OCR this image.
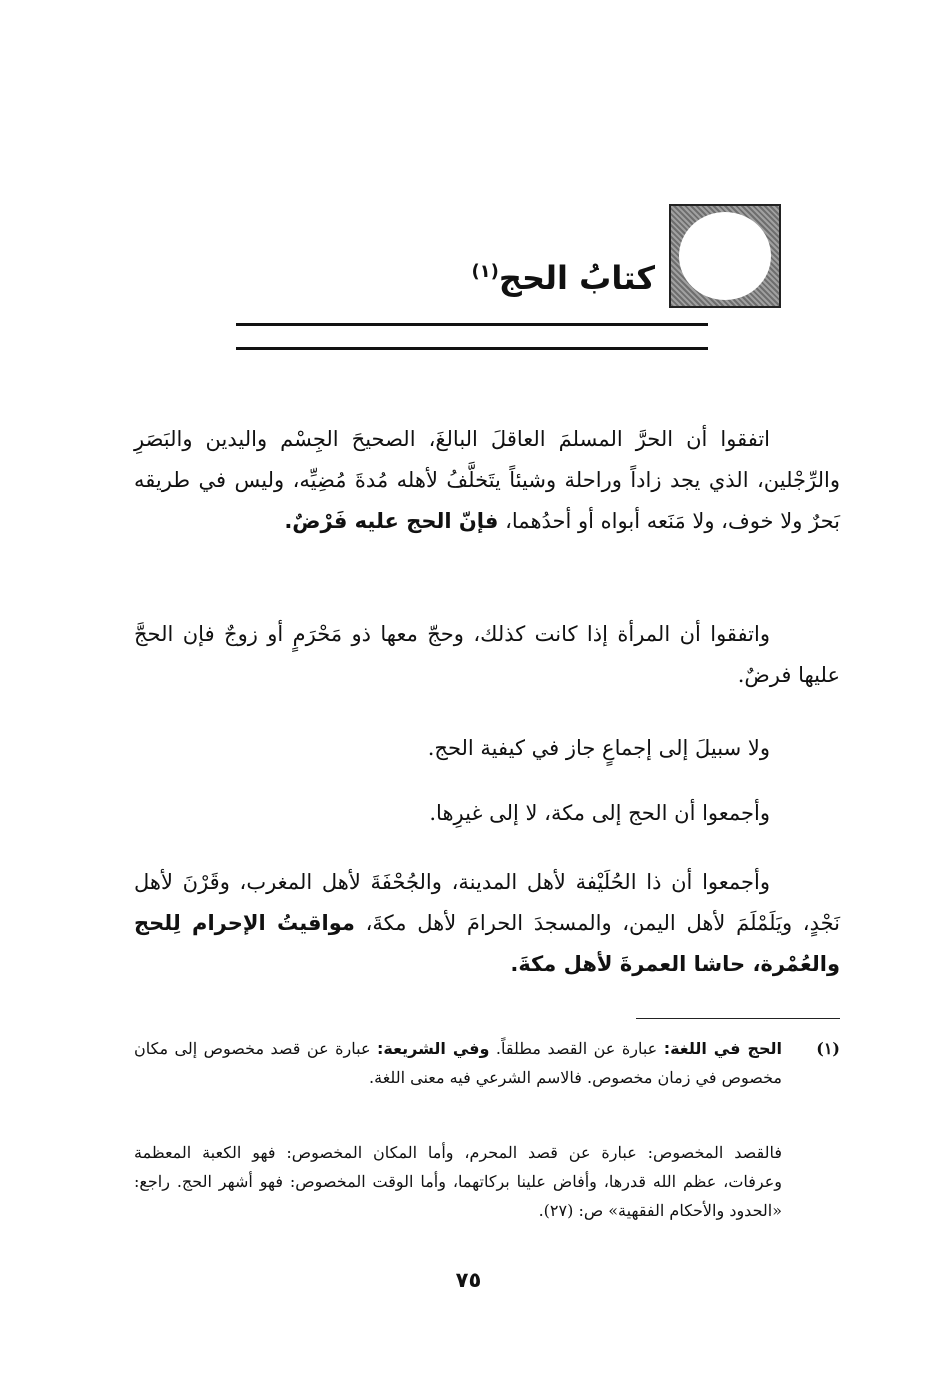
كتابُ الحج$^{(١)}$
اتفقوا أن الحرَّ المسلمَ العاقلَ البالغَ، الصحيحَ الجِسْم واليدين والبَصَرِ والرِّجْلين، الذي يجد زاداً وراحلة وشيئاً يتَخلَّفُ لأهله مُدةَ مُضِيِّه، وليس في طريقه بَحرٌ ولا خوف، ولا مَنَعه أبواه أو أحدُهما، فإنّ الحج عليه فَرْضٌ.
واتفقوا أن المرأة إذا كانت كذلك، وحجّ معها ذو مَحْرَمٍ أو زوجٌ فإن الحجَّ عليها فرضٌ.
ولا سبيلَ إلى إجماعٍ جاز في كيفية الحج.
وأجمعوا أن الحج إلى مكة، لا إلى غيرِها.
وأجمعوا أن ذا الحُلَيْفة لأهل المدينة، والجُحْفَةَ لأهل المغرب، وقَرْنَ لأهل نَجْدٍ، ويَلَمْلَمَ لأهل اليمن، والمسجدَ الحرامَ لأهل مكةَ، مواقيتُ الإحرام لِلحج والعُمْرة، حاشا العمرةَ لأهل مكةَ.
(١)
الحج في اللغة: عبارة عن القصد مطلقاً. وفي الشريعة: عبارة عن قصد مخصوص إلى مكان مخصوص في زمان مخصوص. فالاسم الشرعي فيه معنى اللغة.
فالقصد المخصوص: عبارة عن قصد المحرم، وأما المكان المخصوص: فهو الكعبة المعظمة وعرفات، عظم الله قدرها، وأفاض علينا بركاتهما، وأما الوقت المخصوص: فهو أشهر الحج. راجع: «الحدود والأحكام الفقهية» ص: (٢٧).
٧٥
